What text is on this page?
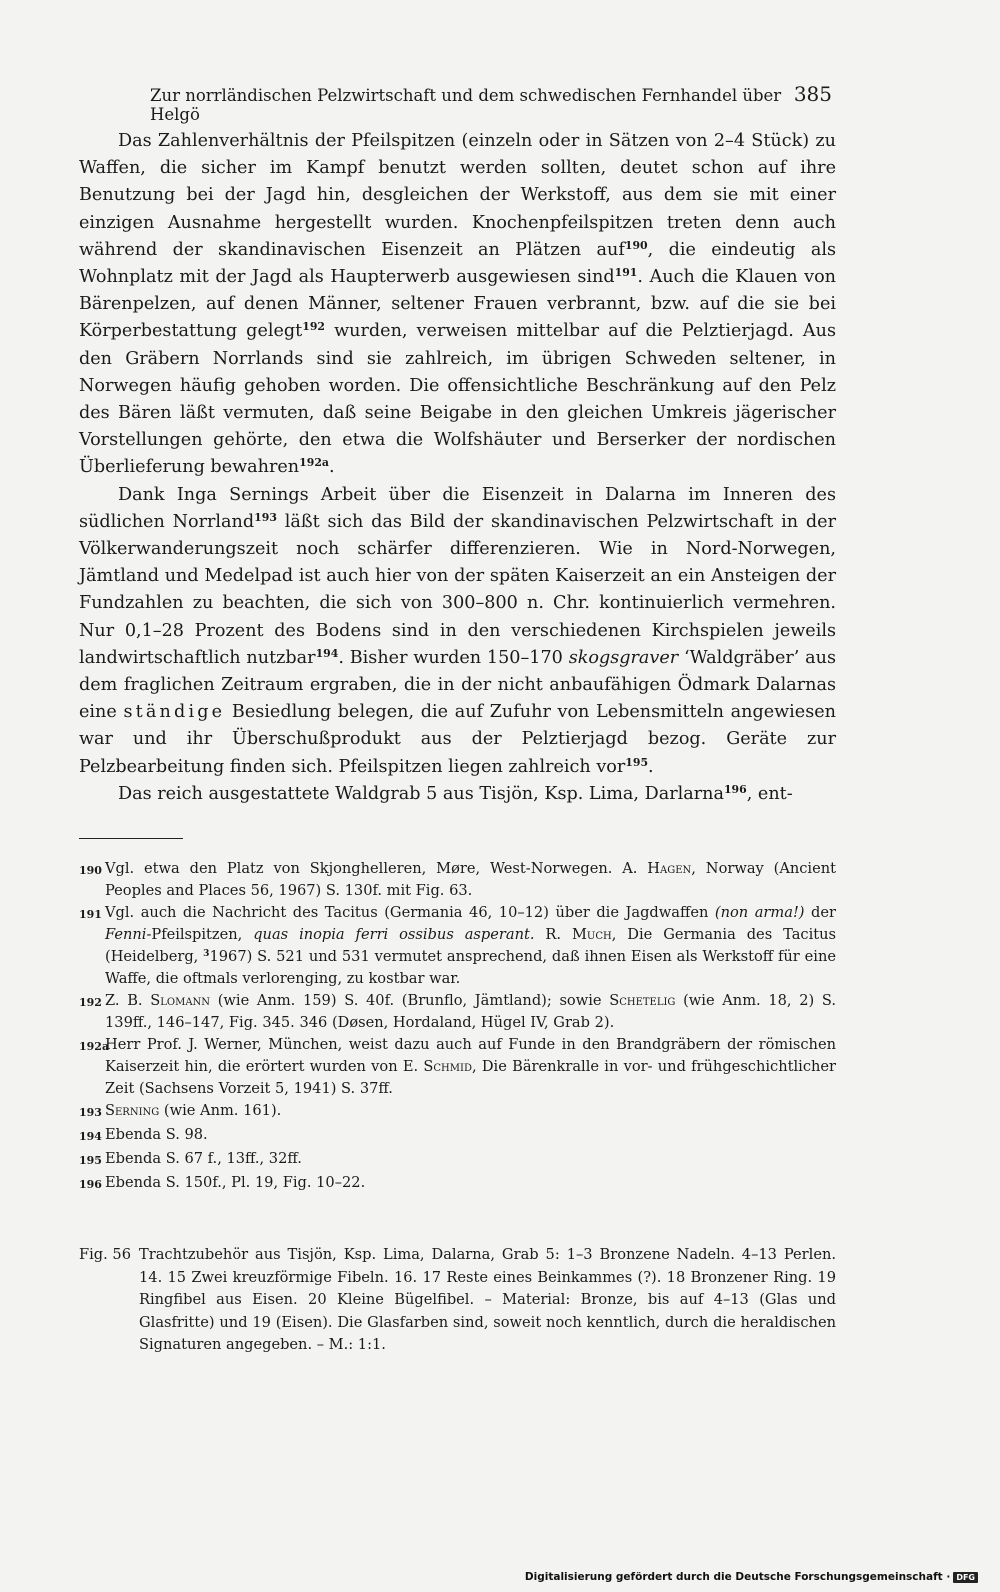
Zur norrländischen Pelzwirtschaft und dem schwedischen Fernhandel über Helgö
385

Das Zahlenverhältnis der Pfeilspitzen (einzeln oder in Sätzen von 2–4 Stück) zu Waffen, die sicher im Kampf benutzt werden sollten, deutet schon auf ihre Benutzung bei der Jagd hin, desgleichen der Werkstoff, aus dem sie mit einer einzigen Ausnahme hergestellt wurden. Knochenpfeilspitzen treten denn auch während der skandinavischen Eisenzeit an Plätzen auf$^{190}$, die eindeutig als Wohnplatz mit der Jagd als Haupterwerb ausgewiesen sind$^{191}$. Auch die Klauen von Bärenpelzen, auf denen Männer, seltener Frauen verbrannt, bzw. auf die sie bei Körperbestattung gelegt$^{192}$ wurden, verweisen mittelbar auf die Pelztierjagd. Aus den Gräbern Norrlands sind sie zahlreich, im übrigen Schweden seltener, in Norwegen häufig gehoben worden. Die offensichtliche Beschränkung auf den Pelz des Bären läßt vermuten, daß seine Beigabe in den gleichen Umkreis jägerischer Vorstellungen gehörte, den etwa die Wolfshäuter und Berserker der nordischen Überlieferung bewahren$^{192a}$.

Dank Inga Sernings Arbeit über die Eisenzeit in Dalarna im Inneren des südlichen Norrland$^{193}$ läßt sich das Bild der skandinavischen Pelzwirtschaft in der Völkerwanderungszeit noch schärfer differenzieren. Wie in Nord-Norwegen, Jämtland und Medelpad ist auch hier von der späten Kaiserzeit an ein Ansteigen der Fundzahlen zu beachten, die sich von 300–800 n. Chr. kontinuierlich vermehren. Nur 0,1–28 Prozent des Bodens sind in den verschiedenen Kirchspielen jeweils landwirtschaftlich nutzbar$^{194}$. Bisher wurden 150–170 skogsgraver ‘Waldgräber’ aus dem fraglichen Zeitraum ergraben, die in der nicht anbaufähigen Ödmark Dalarnas eine ständige Besiedlung belegen, die auf Zufuhr von Lebensmitteln angewiesen war und ihr Überschußprodukt aus der Pelztierjagd bezog. Geräte zur Pelzbearbeitung finden sich. Pfeilspitzen liegen zahlreich vor$^{195}$.

Das reich ausgestattete Waldgrab 5 aus Tisjön, Ksp. Lima, Darlarna$^{196}$, ent-

190 Vgl. etwa den Platz von Skjonghelleren, Møre, West-Norwegen. A. Hagen, Norway (Ancient Peoples and Places 56, 1967) S. 130f. mit Fig. 63.
191 Vgl. auch die Nachricht des Tacitus (Germania 46, 10–12) über die Jagdwaffen (non arma!) der Fenni-Pfeilspitzen, quas inopia ferri ossibus asperant. R. Much, Die Germania des Tacitus (Heidelberg, $^3$1967) S. 521 und 531 vermutet ansprechend, daß ihnen Eisen als Werkstoff für eine Waffe, die oftmals verlorenging, zu kostbar war.
192 Z. B. Slomann (wie Anm. 159) S. 40f. (Brunflo, Jämtland); sowie Schetelig (wie Anm. 18, 2) S. 139ff., 146–147, Fig. 345. 346 (Døsen, Hordaland, Hügel IV, Grab 2).
192a
Herr Prof. J. Werner, München, weist dazu auch auf Funde in den Brandgräbern der römischen Kaiserzeit hin, die erörtert wurden von E. Schmid, Die Bärenkralle in vor- und frühgeschichtlicher Zeit (Sachsens Vorzeit 5, 1941) S. 37ff.
193 Serning (wie Anm. 161).
194 Ebenda S. 98.
195 Ebenda S. 67 f., 13ff., 32ff.
196 Ebenda S. 150f., Pl. 19, Fig. 10–22.
Fig. 56 Trachtzubehör aus Tisjön, Ksp. Lima, Dalarna, Grab 5: 1–3 Bronzene Nadeln. 4–13 Perlen. 14. 15 Zwei kreuzförmige Fibeln. 16. 17 Reste eines Beinkammes (?). 18 Bronzener Ring. 19 Ringfibel aus Eisen. 20 Kleine Bügelfibel. – Material: Bronze, bis auf 4–13 (Glas und Glasfritte) und 19 (Eisen). Die Glasfarben sind, soweit noch kenntlich, durch die heraldischen Signaturen angegeben. – M.: 1:1.
Digitalisierung gefördert durch die Deutsche Forschungsgemeinschaft · DFG
